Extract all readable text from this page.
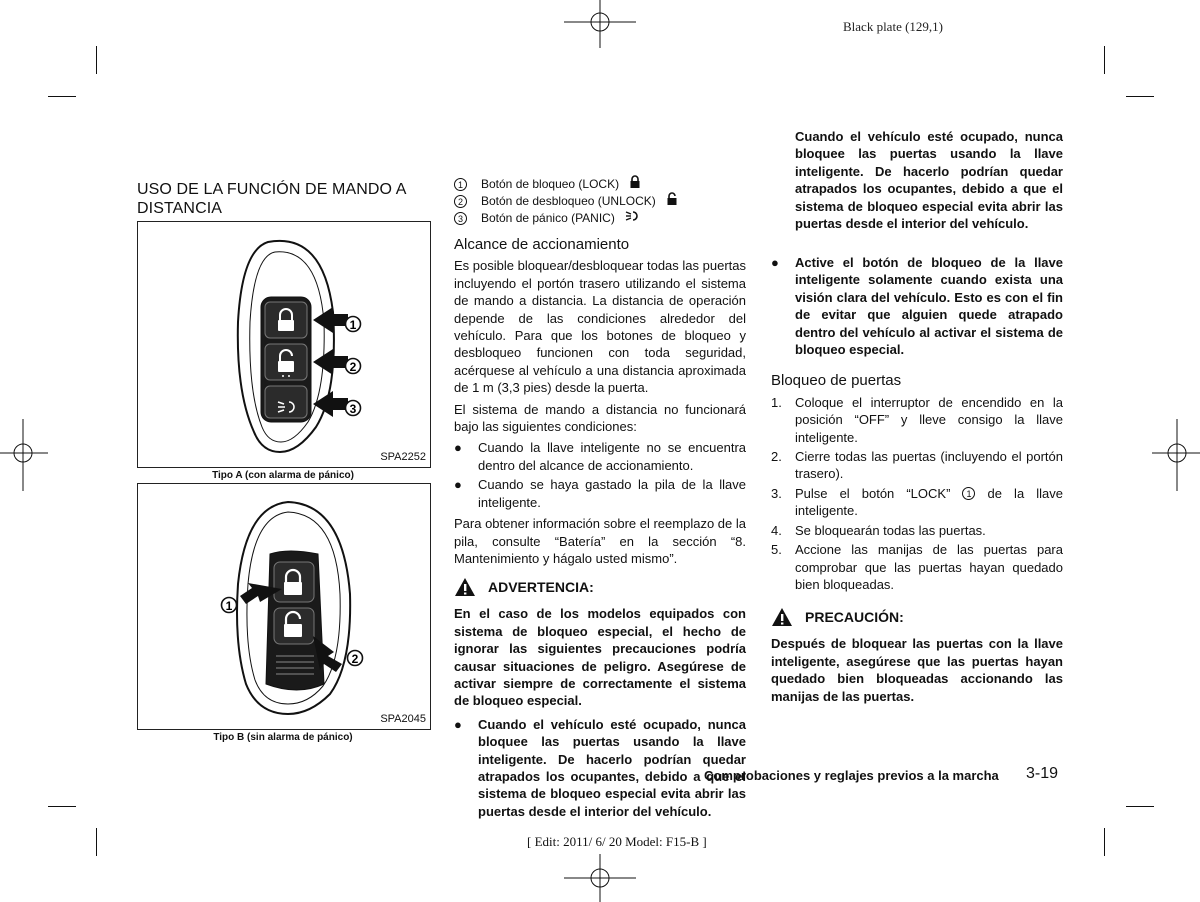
Black plate (129,1)
USO DE LA FUNCIÓN DE MANDO A DISTANCIA
1
2
3
SPA2252
Tipo A (con alarma de pánico)
1
2
SPA2045
Tipo B (sin alarma de pánico)
1	Botón de bloqueo (LOCK)
2	Botón de desbloqueo (UNLOCK)
3	Botón de pánico (PANIC)
Alcance de accionamiento

Es posible bloquear/desbloquear todas las puertas incluyendo el portón trasero utilizando el sistema de mando a distancia. La distancia de operación depende de las condiciones alrededor del vehículo. Para que los botones de bloqueo y desbloqueo funcionen con toda seguridad, acérquese al vehículo a una distancia aproximada de 1 m (3,3 pies) desde la puerta.

El sistema de mando a distancia no funcionará bajo las siguientes condiciones:

● Cuando la llave inteligente no se encuentra dentro del alcance de accionamiento.
● Cuando se haya gastado la pila de la llave inteligente.

Para obtener información sobre el reemplazo de la pila, consulte “Batería” en la sección “8. Mantenimiento y hágalo usted mismo”.

ADVERTENCIA:

En el caso de los modelos equipados con sistema de bloqueo especial, el hecho de ignorar las siguientes precauciones podría causar situaciones de peligro. Asegúrese de activar siempre de correctamente el sistema de bloqueo especial.

● Cuando el vehículo esté ocupado, nunca bloquee las puertas usando la llave inteligente. De hacerlo podrían quedar atrapados los ocupantes, debido a que el sistema de bloqueo especial evita abrir las puertas desde el interior del vehículo.
Cuando el vehículo esté ocupado, nunca bloquee las puertas usando la llave inteligente. De hacerlo podrían quedar atrapados los ocupantes, debido a que el sistema de bloqueo especial evita abrir las puertas desde el interior del vehículo.
● Active el botón de bloqueo de la llave inteligente solamente cuando exista una visión clara del vehículo. Esto es con el fin de evitar que alguien quede atrapado dentro del vehículo al activar el sistema de bloqueo especial.
Bloqueo de puertas
1. Coloque el interruptor de encendido en la posición “OFF” y lleve consigo la llave inteligente.
2. Cierre todas las puertas (incluyendo el portón trasero).
3. Pulse el botón “LOCK” 1 de la llave inteligente.
4. Se bloquearán todas las puertas.
5. Accione las manijas de las puertas para comprobar que las puertas hayan quedado bien bloqueadas.
PRECAUCIÓN:

Después de bloquear las puertas con la llave inteligente, asegúrese que las puertas hayan quedado bien bloqueadas accionando las manijas de las puertas.

Comprobaciones y reglajes previos a la marcha 3-19
[ Edit: 2011/ 6/ 20 Model: F15-B ]
